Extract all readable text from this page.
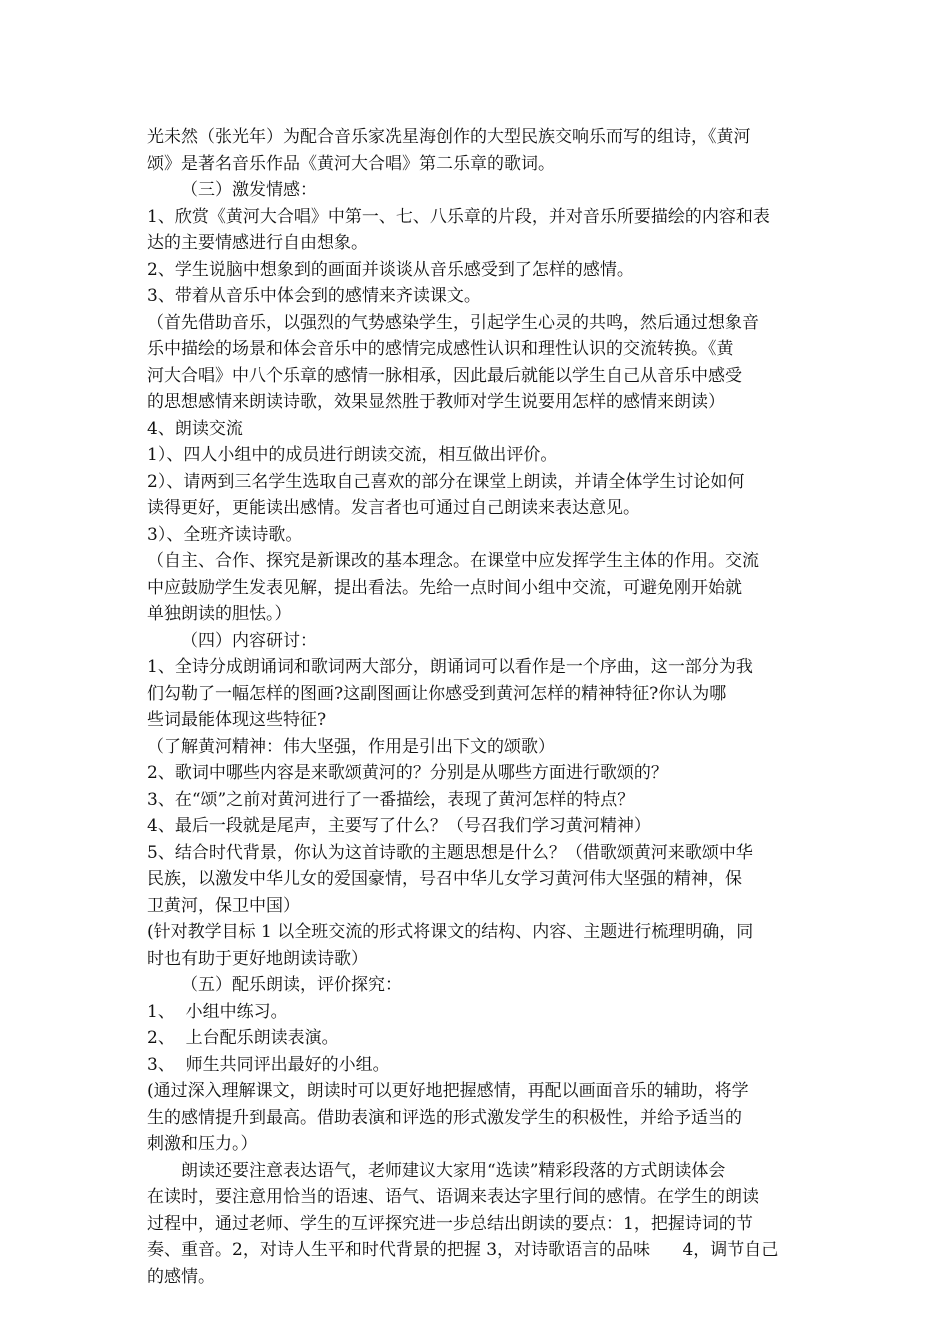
光未然（张光年）为配合音乐家冼星海创作的大型民族交响乐而写的组诗，《黄河
颂》是著名音乐作品《黄河大合唱》第二乐章的歌词。
（三）激发情感：
1、欣赏《黄河大合唱》中第一、七、八乐章的片段，并对音乐所要描绘的内容和表
达的主要情感进行自由想象。
2、学生说脑中想象到的画面并谈谈从音乐感受到了怎样的感情。
3、带着从音乐中体会到的感情来齐读课文。
（首先借助音乐，以强烈的气势感染学生，引起学生心灵的共鸣，然后通过想象音
乐中描绘的场景和体会音乐中的感情完成感性认识和理性认识的交流转换。《黄
河大合唱》中八个乐章的感情一脉相承，因此最后就能以学生自己从音乐中感受
的思想感情来朗读诗歌，效果显然胜于教师对学生说要用怎样的感情来朗读）
4、朗读交流
1）、四人小组中的成员进行朗读交流，相互做出评价。
2）、请两到三名学生选取自己喜欢的部分在课堂上朗读，并请全体学生讨论如何
读得更好，更能读出感情。发言者也可通过自己朗读来表达意见。
3）、全班齐读诗歌。
（自主、合作、探究是新课改的基本理念。在课堂中应发挥学生主体的作用。交流
中应鼓励学生发表见解，提出看法。先给一点时间小组中交流，可避免刚开始就
单独朗读的胆怯。）
（四）内容研讨：
1、全诗分成朗诵词和歌词两大部分，朗诵词可以看作是一个序曲，这一部分为我
们勾勒了一幅怎样的图画?这副图画让你感受到黄河怎样的精神特征?你认为哪
些词最能体现这些特征?
（了解黄河精神：伟大坚强，作用是引出下文的颂歌）
2、歌词中哪些内容是来歌颂黄河的？分别是从哪些方面进行歌颂的？
3、在“颂”之前对黄河进行了一番描绘，表现了黄河怎样的特点？
4、最后一段就是尾声，主要写了什么？（号召我们学习黄河精神）
5、结合时代背景，你认为这首诗歌的主题思想是什么？（借歌颂黄河来歌颂中华
民族，以激发中华儿女的爱国豪情，号召中华儿女学习黄河伟大坚强的精神，保
卫黄河，保卫中国）
(针对教学目标 1 以全班交流的形式将课文的结构、内容、主题进行梳理明确，同
时也有助于更好地朗读诗歌）
（五）配乐朗读，评价探究：
1、  小组中练习。
2、  上台配乐朗读表演。
3、  师生共同评出最好的小组。
(通过深入理解课文，朗读时可以更好地把握感情，再配以画面音乐的辅助，将学
生的感情提升到最高。借助表演和评选的形式激发学生的积极性，并给予适当的
刺激和压力。）
朗读还要注意表达语气，老师建议大家用“选读”精彩段落的方式朗读体会
在读时，要注意用恰当的语速、语气、语调来表达字里行间的感情。在学生的朗读
过程中，通过老师、学生的互评探究进一步总结出朗读的要点：1，把握诗词的节
奏、重音。2，对诗人生平和时代背景的把握 3，对诗歌语言的品味      4，调节自己
的感情。
